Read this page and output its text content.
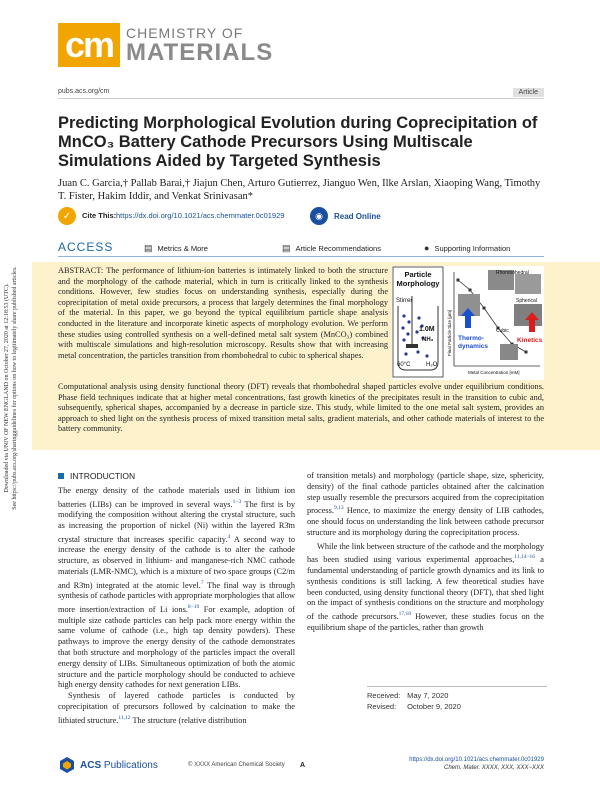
Downloaded via UNIV OF NEW ENGLAND on October 27, 2020 at 12:18:53 (UTC). See https://pubs.acs.org/sharingguidelines for options on how to legitimately share published articles.
cm CHEMISTRY OF
MATERIALS
pubs.acs.org/cm	Article
Predicting Morphological Evolution during Coprecipitation of MnCO₃ Battery Cathode Precursors Using Multiscale Simulations Aided by Targeted Synthesis
Juan C. Garcia,† Pallab Barai,† Jiajun Chen, Arturo Gutierrez, Jianguo Wen, Ilke Arslan, Xiaoping Wang, Timothy T. Fister, Hakim Iddir, and Venkat Srinivasan*
✓	Cite This: https://dx.doi.org/10.1021/acs.chemmater.0c01929	◉	Read Online
ACCESS	▤ Metrics & More	▤ Article Recommendations	● Supporting Information
ABSTRACT: The performance of lithium-ion batteries is intimately linked to both the structure and the morphology of the cathode material, which in turn is critically linked to the synthesis conditions. However, few studies focus on understanding synthesis, especially during the coprecipitation of metal oxide precursors, a process that largely determines the final morphology of the material. In this paper, we go beyond the typical equilibrium particle shape analysis conducted in the literature and incorporate kinetic aspects of morphology evolution. We perform these studies using controlled synthesis on a well-defined metal salt system (MnCO₃) combined with multiscale simulations and high-resolution microscopy. Results show that with increasing metal concentration, the particles transition from rhombohedral to cubic to spherical shapes.
Computational analysis using density functional theory (DFT) reveals that rhombohedral shaped particles evolve under equilibrium conditions. Phase field techniques indicate that at higher metal concentrations, fast growth kinetics of the precipitates result in the transition to cubic and, subsequently, spherical shapes, accompanied by a decrease in particle size. This study, while limited to the one metal salt system, provides an approach to shed light on the synthesis process of mixed transition metal salts, gradient materials, and other cathode materials of interest to the battery community.
Particle
Morphology
Stirrer
1.0M
NH₃
60°C	H₂O
Rhombohedral
Spherical
Cubic
Thermo-
dynamics
Kinetics
Metal Concentration [mM]
Final Particle Size [µm]
INTRODUCTION

The energy density of the cathode materials used in lithium ion batteries (LIBs) can be improved in several ways.$^{1-3}$ The first is by modifying the composition without altering the crystal structure, such as increasing the proportion of nickel (Ni) within the layered R3̄m crystal structure that increases specific capacity.$^4$ A second way to increase the energy density of the cathode is to alter the cathode structure, as observed in lithium- and manganese-rich NMC cathode materials (LMR-NMC), which is a mixture of two space groups (C2/m and R3̄m) integrated at the atomic level.$^7$ The final way is through synthesis of cathode particles with appropriate morphologies that allow more insertion/extraction of Li ions.$^{8-10}$ For example, adoption of multiple size cathode particles can help pack more energy within the same volume of cathode (i.e., high tap density powders). These pathways to improve the energy density of the cathode demonstrates that both structure and morphology of the particles impact the overall energy density of LIBs. Simultaneous optimization of both the atomic structure and the particle morphology should be conducted to achieve high energy density cathodes for next generation LIBs.

Synthesis of layered cathode particles is conducted by coprecipitation of precursors followed by calcination to make the lithiated structure.$^{11,12}$ The structure (relative distribution

of transition metals) and morphology (particle shape, size, sphericity, density) of the final cathode particles obtained after the calcination step usually resemble the precursors acquired from the coprecipitation process.$^{9,13}$ Hence, to maximize the energy density of LIB cathodes, one should focus on understanding the link between cathode precursor structure and its morphology during the coprecipitation process.

While the link between structure of the cathode and the morphology has been studied using various experimental approaches,$^{11,14-16}$ a fundamental understanding of particle growth dynamics and its link to synthesis conditions is still lacking. A few theoretical studies have been conducted, using density functional theory (DFT), that shed light on the impact of synthesis conditions on the structure and morphology of the cathode precursors.$^{17,18}$ However, these studies focus on the equilibrium shape of the particles, rather than growth

Received: May 7, 2020
Revised: October 9, 2020
ACS Publications	© XXXX American Chemical Society A
https://dx.doi.org/10.1021/acs.chemmater.0c01929
Chem. Mater. XXXX, XXX, XXX−XXX
